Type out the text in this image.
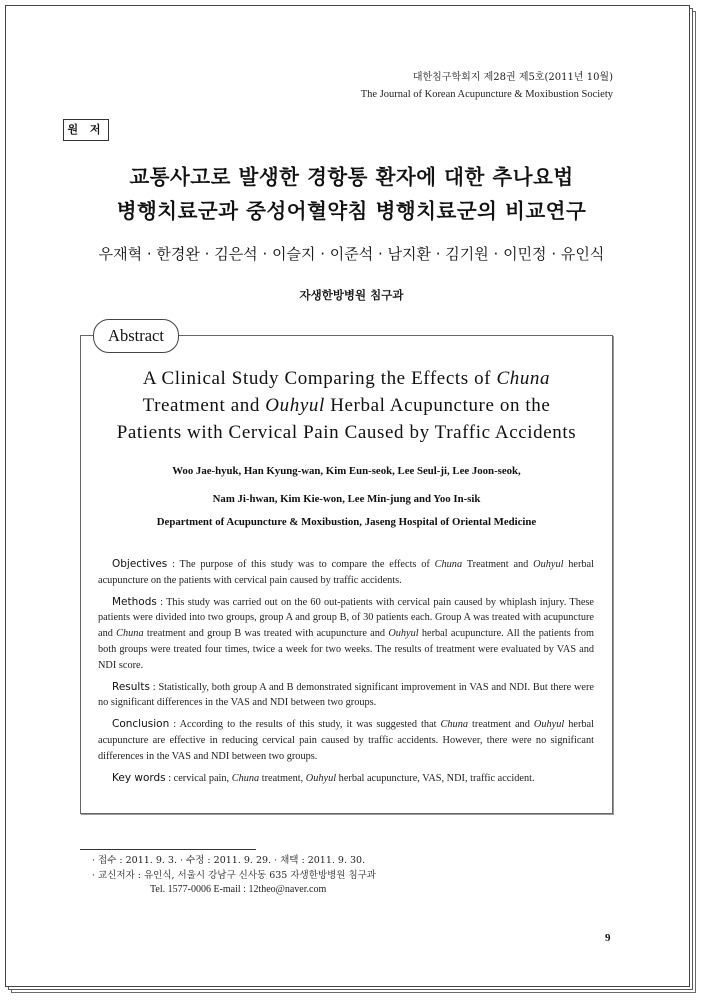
대한침구학회지 제28권 제5호(2011년 10월)
The Journal of Korean Acupuncture & Moxibustion Society
원 저
교통사고로 발생한 경항통 환자에 대한 추나요법
병행치료군과 중성어혈약침 병행치료군의 비교연구
우재혁 · 한경완 · 김은석 · 이슬지 · 이준석 · 남지환 · 김기원 · 이민정 · 유인식
자생한방병원 침구과
Abstract
A Clinical Study Comparing the Effects of Chuna
Treatment and Ouhyul Herbal Acupuncture on the
Patients with Cervical Pain Caused by Traffic Accidents
Woo Jae-hyuk, Han Kyung-wan, Kim Eun-seok, Lee Seul-ji, Lee Joon-seok,
Nam Ji-hwan, Kim Kie-won, Lee Min-jung and Yoo In-sik
Department of Acupuncture & Moxibustion, Jaseng Hospital of Oriental Medicine

Objectives : The purpose of this study was to compare the effects of Chuna Treatment and Ouhyul herbal acupuncture on the patients with cervical pain caused by traffic accidents.

Methods : This study was carried out on the 60 out-patients with cervical pain caused by whiplash injury. These patients were divided into two groups, group A and group B, of 30 patients each. Group A was treated with acupuncture and Chuna treatment and group B was treated with acupuncture and Ouhyul herbal acupuncture. All the patients from both groups were treated four times, twice a week for two weeks. The results of treatment were evaluated by VAS and NDI score.

Results : Statistically, both group A and B demonstrated significant improvement in VAS and NDI. But there were no significant differences in the VAS and NDI between two groups.

Conclusion : According to the results of this study, it was suggested that Chuna treatment and Ouhyul herbal acupuncture are effective in reducing cervical pain caused by traffic accidents. However, there were no significant differences in the VAS and NDI between two groups.

Key words : cervical pain, Chuna treatment, Ouhyul herbal acupuncture, VAS, NDI, traffic accident.

· 접수 : 2011. 9. 3. · 수정 : 2011. 9. 29. · 채택 : 2011. 9. 30.
· 교신저자 : 유인식, 서울시 강남구 신사동 635 자생한방병원 침구과
Tel. 1577-0006 E-mail : 12theo@naver.com
9
